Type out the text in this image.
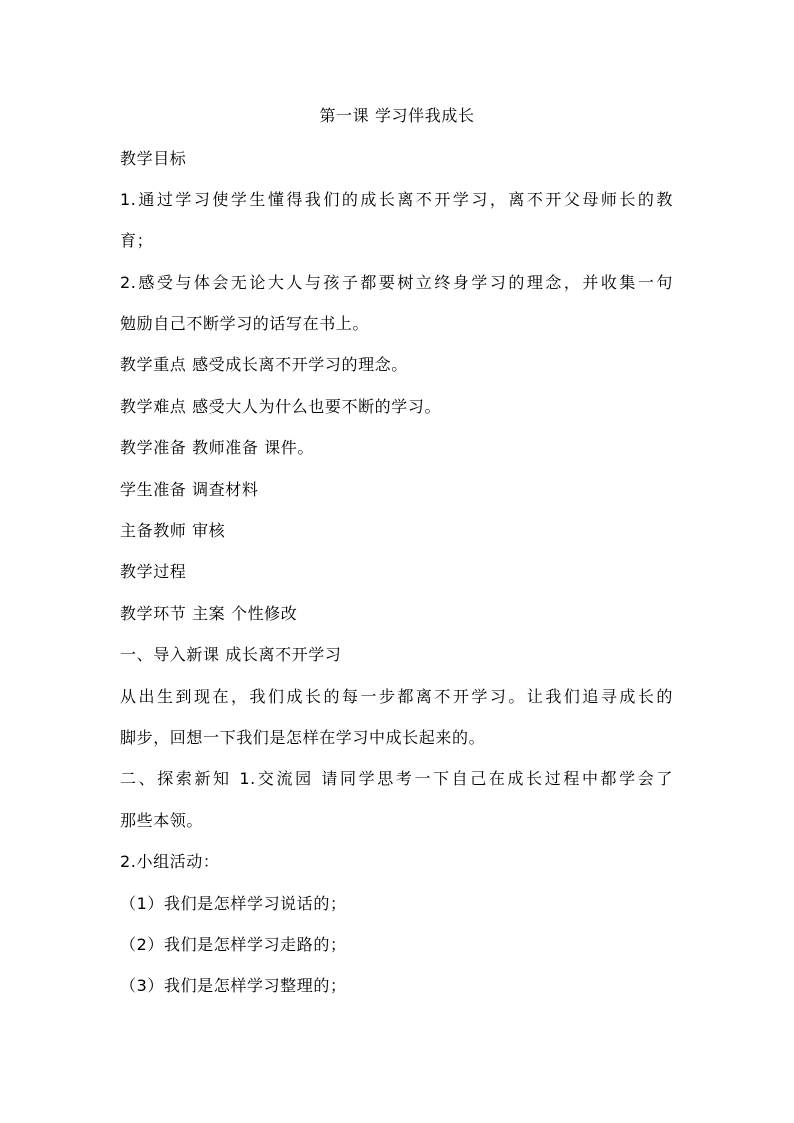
第一课 学习伴我成长
教学目标
1.通过学习使学生懂得我们的成长离不开学习，离不开父母师长的教
育；
2.感受与体会无论大人与孩子都要树立终身学习的理念，并收集一句
勉励自己不断学习的话写在书上。
教学重点 感受成长离不开学习的理念。
教学难点 感受大人为什么也要不断的学习。
教学准备 教师准备 课件。
学生准备 调查材料
主备教师 审核
教学过程
教学环节 主案 个性修改
一、导入新课 成长离不开学习
从出生到现在，我们成长的每一步都离不开学习。让我们追寻成长的
脚步，回想一下我们是怎样在学习中成长起来的。
二、探索新知 1.交流园 请同学思考一下自己在成长过程中都学会了
那些本领。
2.小组活动：
（1）我们是怎样学习说话的；
（2）我们是怎样学习走路的；
（3）我们是怎样学习整理的；
